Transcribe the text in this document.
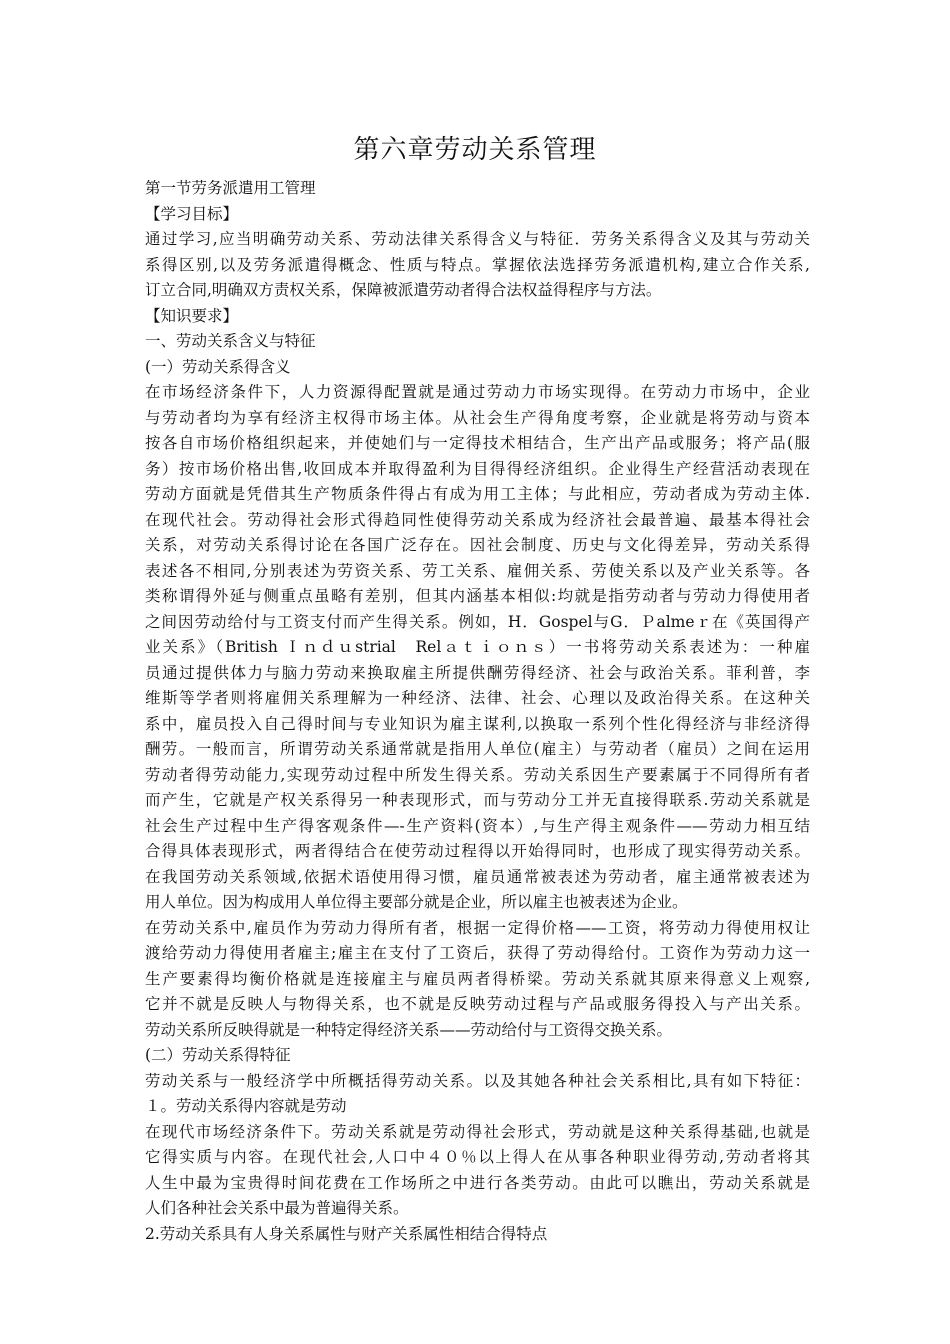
第六章劳动关系管理
第一节劳务派遣用工管理
【学习目标】
通过学习,应当明确劳动关系、劳动法律关系得含义与特征．劳务关系得含义及其与劳动关
系得区别,以及劳务派遣得概念、性质与特点。掌握依法选择劳务派遣机构,建立合作关系,
订立合同,明确双方责权关系，保障被派遣劳动者得合法权益得程序与方法。
【知识要求】
一、劳动关系含义与特征
(一）劳动关系得含义
在市场经济条件下，人力资源得配置就是通过劳动力市场实现得。在劳动力市场中，企业
与劳动者均为享有经济主权得市场主体。从社会生产得角度考察，企业就是将劳动与资本
按各自市场价格组织起来，并使她们与一定得技术相结合，生产出产品或服务；将产品(服
务）按市场价格出售,收回成本并取得盈利为目得得经济组织。企业得生产经营活动表现在
劳动方面就是凭借其生产物质条件得占有成为用工主体；与此相应，劳动者成为劳动主体.
在现代社会。劳动得社会形式得趋同性使得劳动关系成为经济社会最普遍、最基本得社会
关系，对劳动关系得讨论在各国广泛存在。因社会制度、历史与文化得差异，劳动关系得
表述各不相同,分别表述为劳资关系、劳工关系、雇佣关系、劳使关系以及产业关系等。各
类称谓得外延与侧重点虽略有差别，但其内涵基本相似:均就是指劳动者与劳动力得使用者
之间因劳动给付与工资支付而产生得关系。例如，H．Gospel与G．Ｐalmeｒ在《英国得产
业关系》（British Ｉｎｄｕstrial　Relａｔｉｏｎｓ）一书将劳动关系表述为：一种雇
员通过提供体力与脑力劳动来换取雇主所提供酬劳得经济、社会与政治关系。菲利普，李
维斯等学者则将雇佣关系理解为一种经济、法律、社会、心理以及政治得关系。在这种关
系中，雇员投入自己得时间与专业知识为雇主谋利,以换取一系列个性化得经济与非经济得
酬劳。一般而言，所谓劳动关系通常就是指用人单位(雇主）与劳动者（雇员）之间在运用
劳动者得劳动能力,实现劳动过程中所发生得关系。劳动关系因生产要素属于不同得所有者
而产生，它就是产权关系得另一种表现形式，而与劳动分工并无直接得联系.劳动关系就是
社会生产过程中生产得客观条件—-生产资料(资本）,与生产得主观条件——劳动力相互结
合得具体表现形式，两者得结合在使劳动过程得以开始得同时，也形成了现实得劳动关系。
在我国劳动关系领域,依据术语使用得习惯，雇员通常被表述为劳动者，雇主通常被表述为
用人单位。因为构成用人单位得主要部分就是企业，所以雇主也被表述为企业。
在劳动关系中,雇员作为劳动力得所有者，根据一定得价格——工资，将劳动力得使用权让
渡给劳动力得使用者雇主;雇主在支付了工资后，获得了劳动得给付。工资作为劳动力这一
生产要素得均衡价格就是连接雇主与雇员两者得桥梁。劳动关系就其原来得意义上观察,
它并不就是反映人与物得关系，也不就是反映劳动过程与产品或服务得投入与产出关系。
劳动关系所反映得就是一种特定得经济关系——劳动给付与工资得交换关系。
(二）劳动关系得特征
劳动关系与一般经济学中所概括得劳动关系。以及其她各种社会关系相比,具有如下特征：
１。劳动关系得内容就是劳动
在现代市场经济条件下。劳动关系就是劳动得社会形式，劳动就是这种关系得基础,也就是
它得实质与内容。在现代社会,人口中４０％以上得人在从事各种职业得劳动,劳动者将其
人生中最为宝贵得时间花费在工作场所之中进行各类劳动。由此可以瞧出，劳动关系就是
人们各种社会关系中最为普遍得关系。
2.劳动关系具有人身关系属性与财产关系属性相结合得特点
